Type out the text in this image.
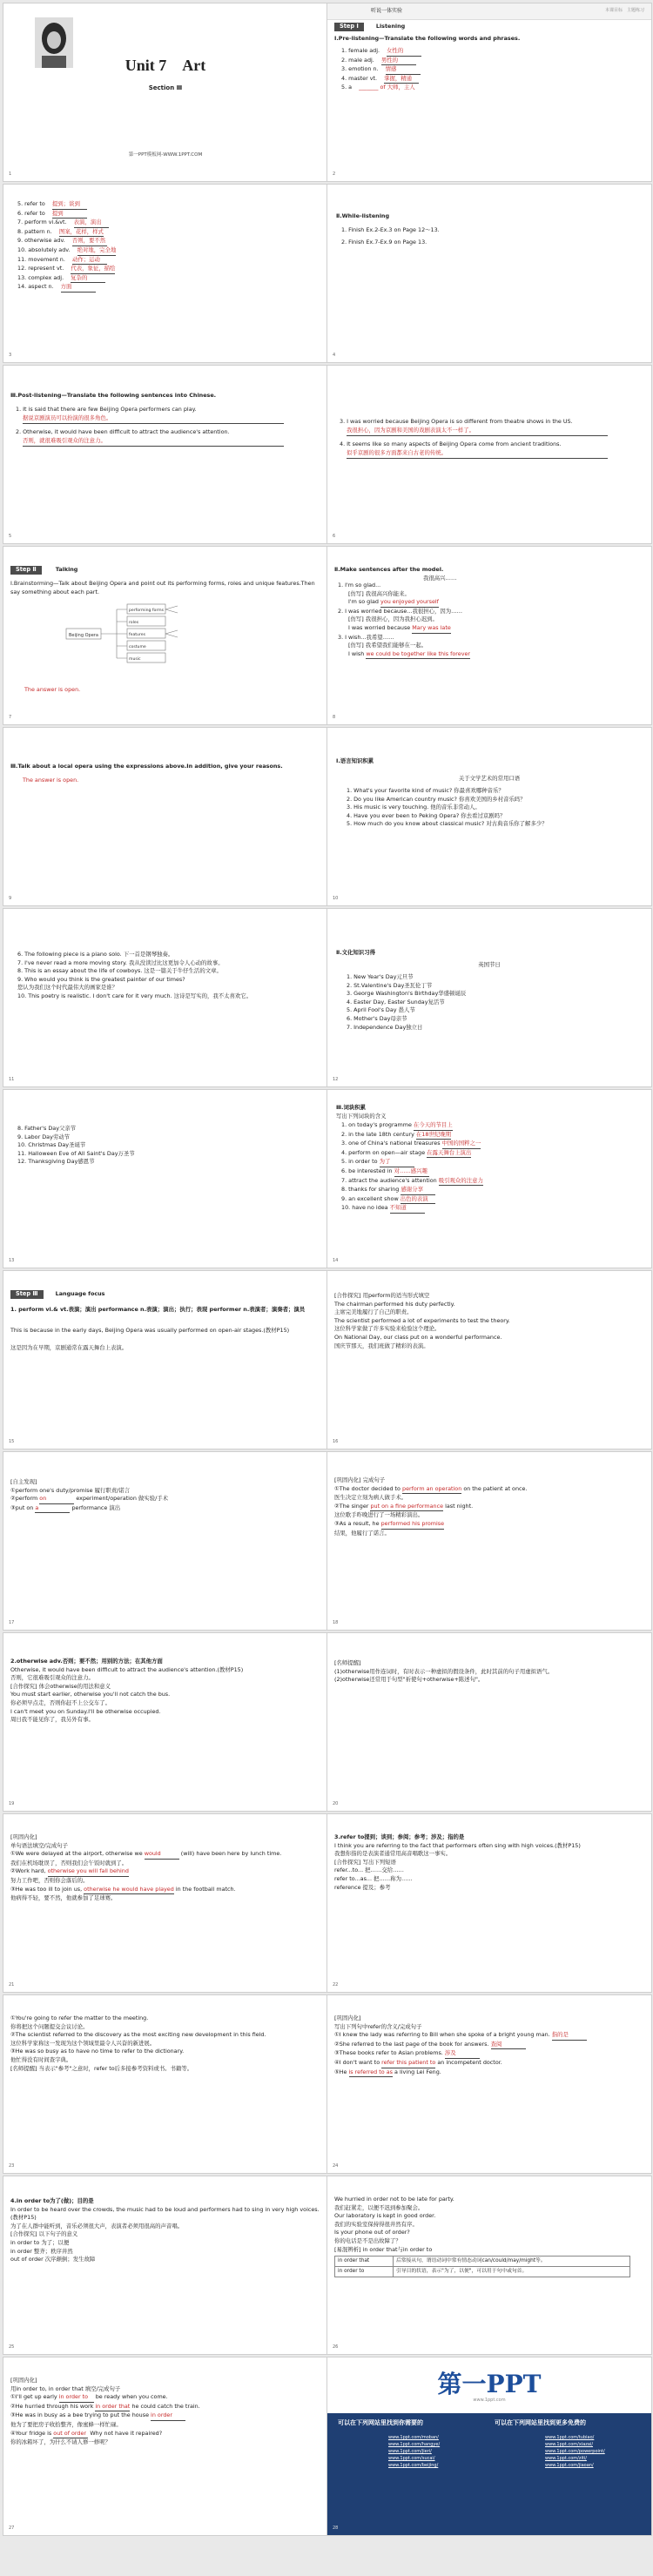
Unit 7　Art
Section Ⅲ
第一PPT模板网-WWW.1PPT.COM
1
听说一体实验	本课目标　主题练习
Step Ⅰ	Listening
Ⅰ.Pre-listening—Translate the following words and phrases.
1. female adj. 女性的
2. male adj. 男性的
3. emotion n. 情感
4. master vt. 掌握，精通
5. a _______ of 大师，主人
2
5. refer to 提到；谈到
6. refer to 提到
7. perform vi.&vt. 表演，演出
8. pattern n. 图案，花样，样式
9. otherwise adv. 否则，要不然
10. absolutely adv. 绝对地，完全地
11. movement n. 动作；运动
12. represent vt. 代表，象征，描绘
13. complex adj. 复杂的
14. aspect n. 方面
3
Ⅱ.While-listening
1. Finish Ex.2-Ex.3 on Page 12～13.
2. Finish Ex.7-Ex.9 on Page 13.
4
Ⅲ.Post-listening—Translate the following sentences into Chinese.
1. It is said that there are few Beijing Opera performers can play.
据说京剧演员可以扮演的很多角色。
2. Otherwise, it would have been difficult to attract the audience's attention.
否则，就很难吸引观众的注意力。
5
3. I was worried because Beijing Opera is so different from theatre shows in the US.
我很担心，因为京剧和美国的戏剧表演太不一样了。
4. It seems like so many aspects of Beijing Opera come from ancient traditions.
似乎京剧的很多方面都来自古老的传统。
6
Step Ⅱ	Talking
Ⅰ.Brainstorming—Talk about Beijing Opera and point out its performing forms, roles and unique features.Then say something about each part.
Beijing Opera
performing forms
roles
features
costume
music
The answer is open.
7
Ⅱ.Make sentences after the model.
我很高兴……
1. I'm so glad...
[仿写] 我很高兴你能来。
I'm so glad you enjoyed yourself
2. I was worried because...我很担心，因为……
[仿写] 我很担心，因为我担心迟到。
I was worried because Mary was late
3. I wish...我希望……
[仿写] 我希望我们能够在一起。
I wish we could be together like this forever
8
Ⅲ.Talk about a local opera using the expressions above.In addition, give your reasons.
The answer is open.
9
Ⅰ.语言知识积累
关于文学艺术的常用口语
1. What's your favorite kind of music? 你最喜欢哪种音乐？
2. Do you like American country music? 你喜欢美国的乡村音乐吗？
3. His music is very touching. 他的音乐非常动人。
4. Have you ever been to Peking Opera? 你去看过京剧吗？
5. How much do you know about classical music? 对古典音乐你了解多少？
10
6. The following piece is a piano solo. 下一首是钢琴独奏。
7. I've never read a more moving story. 我从没读过比这更加令人心动的故事。
8. This is an essay about the life of cowboys. 这是一篇关于牛仔生活的文章。
9. Who would you think is the greatest painter of our times?
您认为我们这个时代最伟大的画家是谁？
10. This poetry is realistic. I don't care for it very much. 这诗是写实的，我不太喜欢它。
11
Ⅱ.文化知识习得
英国节日
1. New Year's Day元旦节
2. St.Valentine's Day圣瓦伦丁节
3. George Washington's Birthday华盛顿诞辰
4. Easter Day, Easter Sunday复活节
5. April Fool's Day 愚人节
6. Mother's Day母亲节
7. Independence Day独立日
12
8. Father's Day父亲节
9. Labor Day劳动节
10. Christmas Day圣诞节
11. Halloween Eve of All Saint's Day万圣节
12. Thanksgiving Day感恩节
13
Ⅲ.词块积累
写出下列词块的含义
1. on today's programme 在今天的节目上
2. in the late 18th century 在18世纪晚期
3. one of China's national treasures 中国的国粹之一
4. perform on open—air stage 在露天舞台上演出
5. in order to 为了
6. be interested in 对……感兴趣
7. attract the audience's attention 吸引观众的注意力
8. thanks for sharing 感谢分享
9. an excellent show 出色的表演
10. have no idea 不知道
14
Step Ⅲ	Language focus
1. perform vi.& vt.表演；演出 performance n.表演；演出；执行；表现 performer n.表演者；演奏者；演员
This is because in the early days, Beijing Opera was usually performed on open-air stages.(教材P15)
这是因为在早期，京剧通常在露天舞台上表演。
15
[合作探究] 用perform的适当形式填空
The chairman performed his duty perfectly.
主席完美地履行了自己的职责。
The scientist performed a lot of experiments to test the theory.
这位科学家做了许多实验来检验这个理论。
On National Day, our class put on a wonderful performance.
国庆节那天，我们班做了精彩的表演。
16
[自主发现]
①perform one's duty/promise 履行职责/诺言
②perform on	experiment/operation 做实验/手术
③put on a	performance 演出
17
[巩固内化] 完成句子
①The doctor decided to perform an operation on the patient at once.
医生决定立刻为病人做手术。
②The singer put on a fine performance last night.
这位歌手昨晚进行了一场精彩演出。
③As a result, he performed his promise
结果，他履行了诺言。
18
2.otherwise adv.否则；要不然；用别的方法；在其他方面
Otherwise, it would have been difficult to attract the audience's attention.(教材P15)
否则，它很难吸引观众的注意力。
[合作探究] 体会otherwise的用法和意义
You must start earlier, otherwise you'll not catch the bus.
你必须早点走，否则你赶不上公交车了。
I can't meet you on Sunday.I'll be otherwise occupied.
周日我不能见你了，我另外有事。
19
[名师提醒]
(1)otherwise用作连词时，有时表示一种虚拟的假设条件，此时其前的句子用虚拟语气。
(2)otherwise还常用于句型"祈使句+otherwise+陈述句"。
20
[巩固内化]
单句语法填空/完成句子
①We were delayed at the airport, otherwise we would	(will) have been here by lunch time.
我们在机场耽误了，否则我们会午饭时就到了。
②Work hard, otherwise you will fall behind
努力工作吧，否则你会落后的。
③He was too ill to join us, otherwise he would have played in the football match.
他病得不轻，要不然，他就参加了足球赛。
21
3.refer to提到；谈到；参阅；参考；涉及；指的是
I think you are referring to the fact that performers often sing with high voices.(教材P15)
我想你指的是表演者通常用高音唱歌这一事实。
[合作探究] 写出下列短语
refer...to... 把……交给……
refer to...as... 把……称为……
reference 提及；参考
22
①You're going to refer the matter to the meeting.
你将把这个问题提交会议讨论。
②The scientist referred to the discovery as the most exciting new development in this field.
这位科学家称这一发现为这个领域里最令人兴奋的新进展。
③He was so busy as to have no time to refer to the dictionary.
他忙得没有时间查字典。
[名师提醒] 当表示"参考"之意时，refer to后多接参考资料或书。书籍等。
23
[巩固内化]
写出下列句中refer的含义/完成句子
①I knew the lady was referring to Bill when she spoke of a bright young man. 指的是
②She referred to the last page of the book for answers. 查阅
③These books refer to Asian problems. 涉及
④I don't want to refer this patient to an incompetent doctor.
⑤He is referred to as a living Lei Feng.
24
4.in order to为了(做)；目的是
In order to be heard over the crowds, the music had to be loud and performers had to sing in very high voices.(教材P15)
为了在人群中能听到，音乐必须很大声，表演者必须用很高的声音唱。
[合作探究] 以下句子的意义
in order to 为了；以便
in order 整齐；秩序井然
out of order 次序颠倒；发生故障
25
We hurried in order not to be late for party.
我们赶紧走，以便不迟到参加聚会。
Our laboratory is kept in good order.
我们的实验室保持得很井然有序。
Is your phone out of order?
你的电话是不是出故障了？
[易混辨析] in order that与in order to
in order that	后常接从句，谓语动词中常有情态动词can/could/may/might等。
in order to	引导目的状语，表示"为了，以便"，可以用于句中或句首。
26
[巩固内化]
用in order to, in order that 填空/完成句子
①I'll get up early in order to be ready when you come.
②He hurried through his work in order that he could catch the train.
③He was in busy as a bee trying to put the house in order
他为了要把房子收拾整齐，像蜜蜂一样忙碌。
④Your fridge is out of order Why not have it repaired?
你的冰箱坏了，为什么不请人修一修呢？
27
第一PPT
www.1ppt.com
可以在下列网站里找到你需要的	可以在下列网站里找到更多免费的
www.1ppt.com/moban/
www.1ppt.com/hangye/
www.1ppt.com/jieri/
www.1ppt.com/sucai/
www.1ppt.com/beijing/
www.1ppt.com/tubiao/
www.1ppt.com/xiazai/
www.1ppt.com/powerpoint/
www.1ppt.com/ziti/
www.1ppt.com/jiaoan/
28
